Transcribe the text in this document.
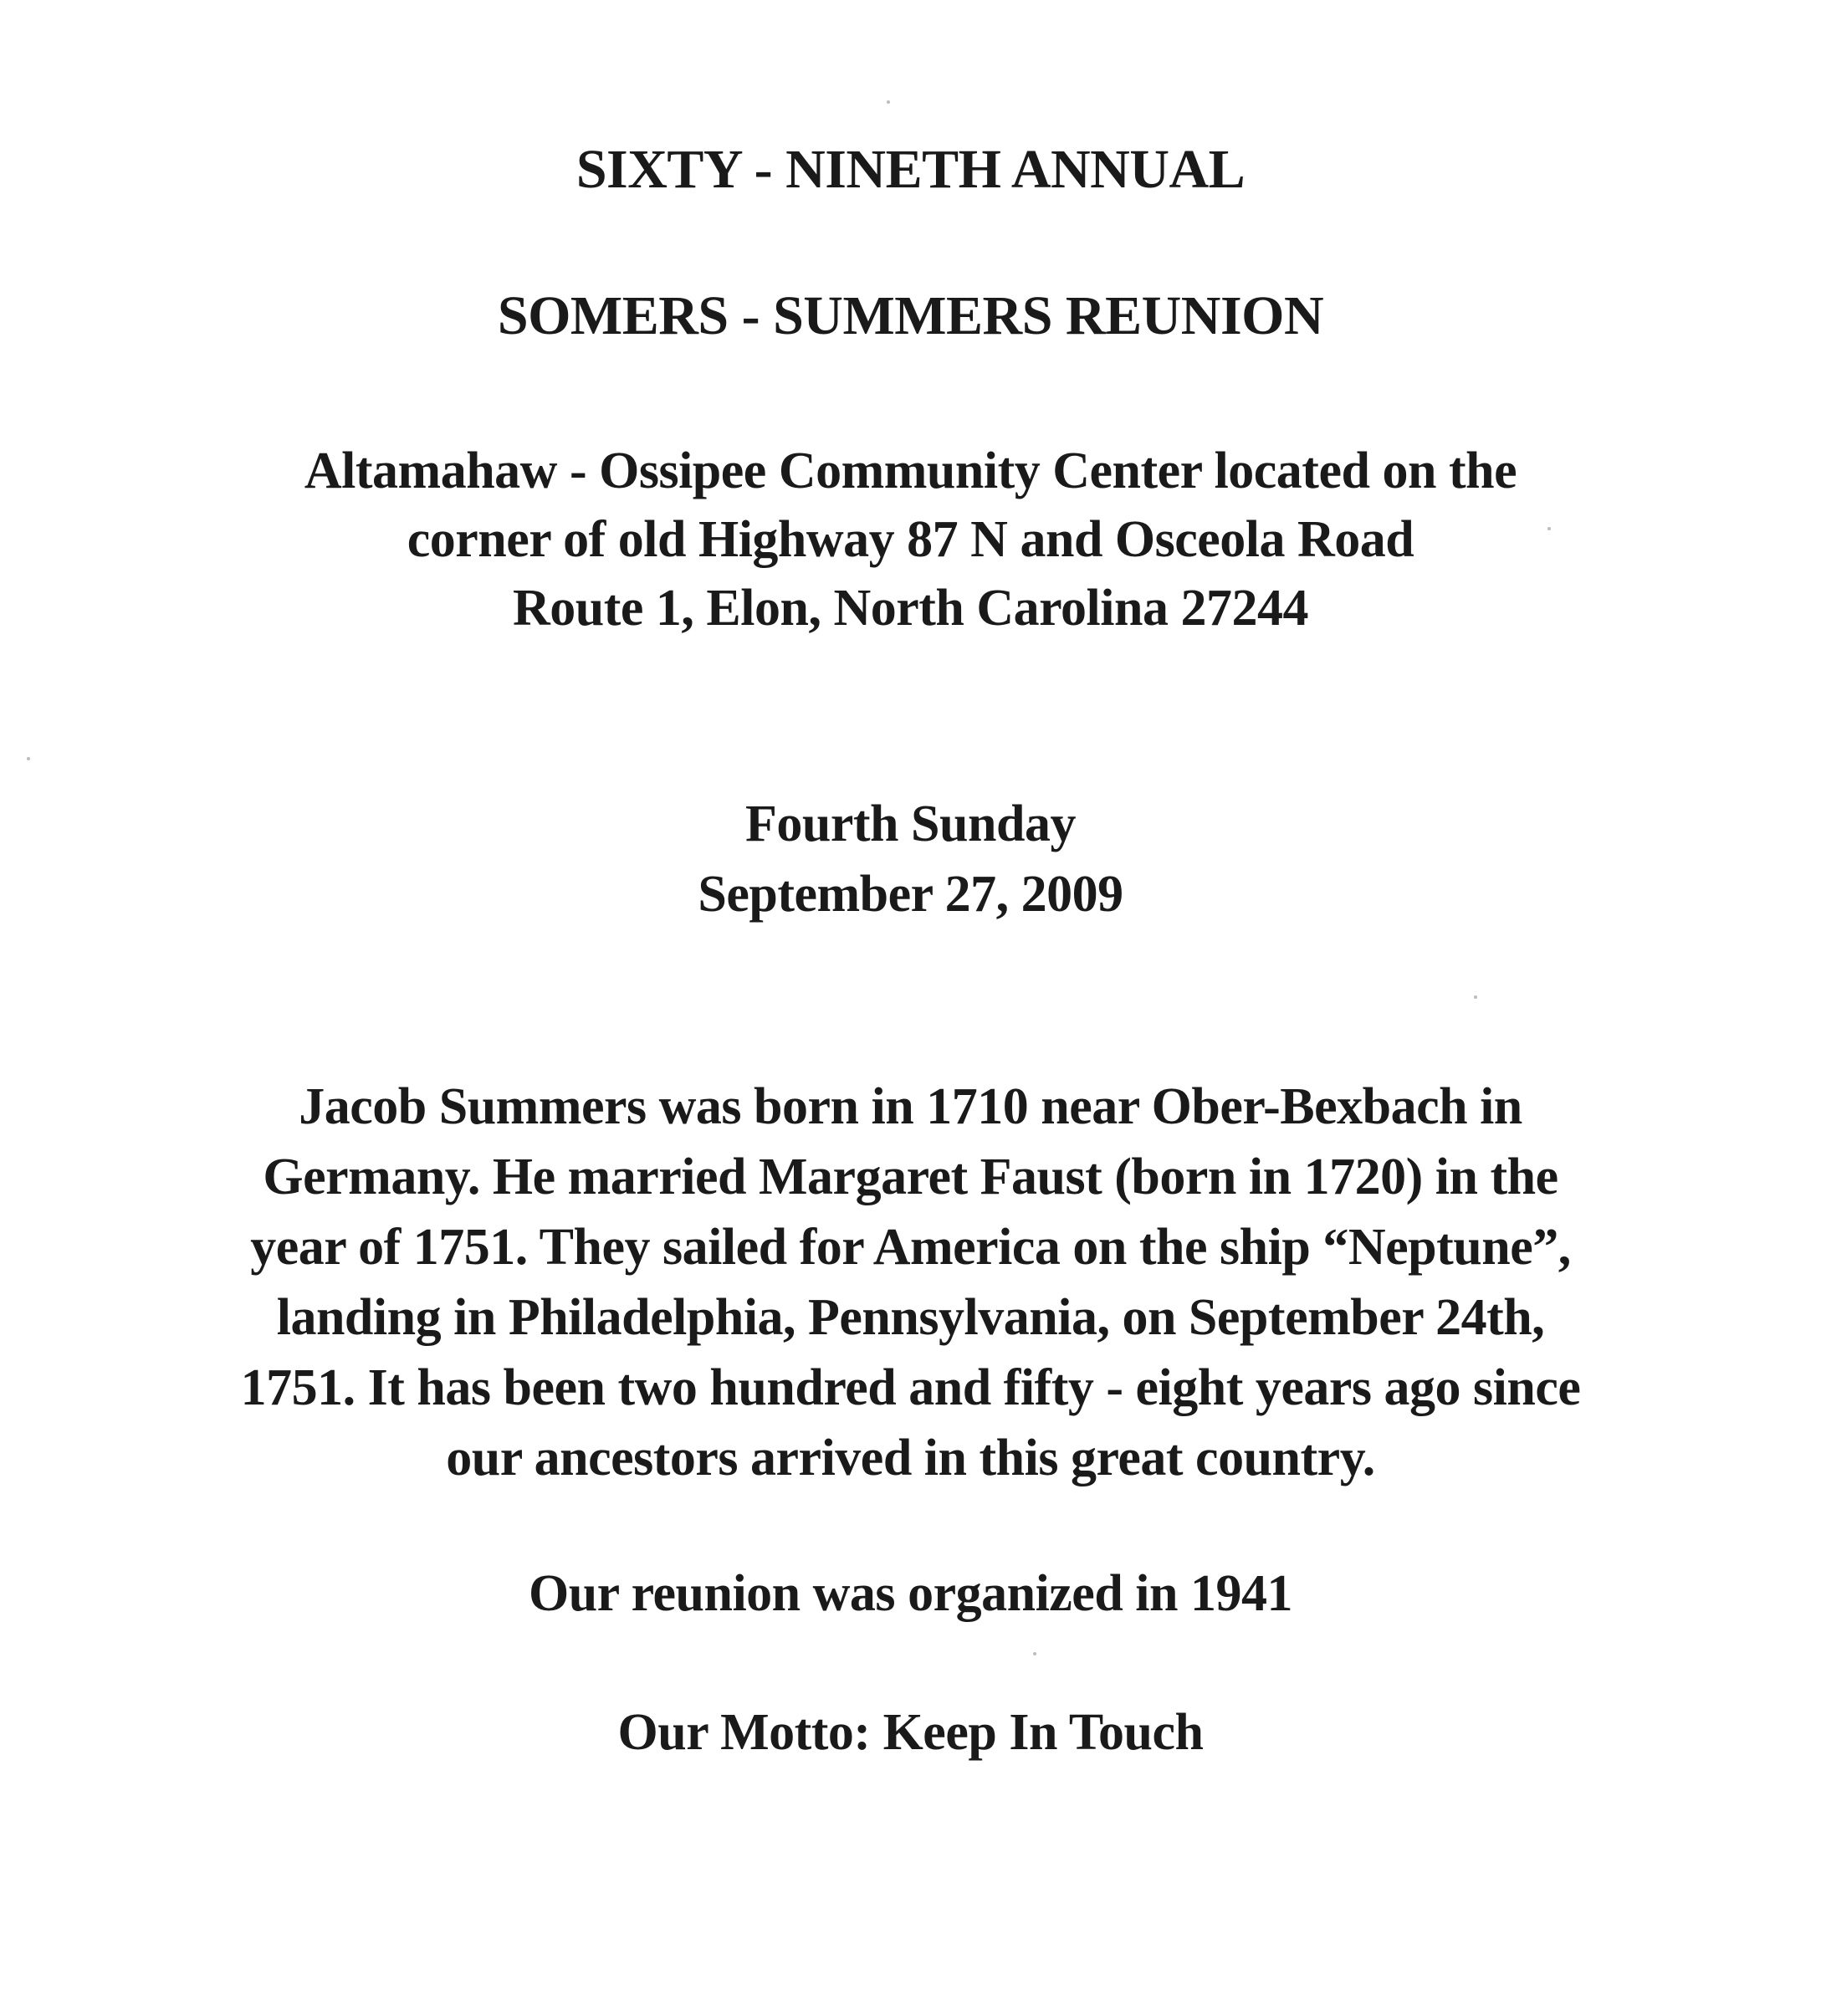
SIXTY - NINETH ANNUAL
SOMERS - SUMMERS REUNION
Altamahaw - Ossipee Community Center located on the
corner of old Highway 87 N and Osceola Road
Route 1, Elon, North Carolina 27244
Fourth Sunday
September 27, 2009
Jacob Summers was born in 1710 near Ober-Bexbach in
Germany. He married Margaret Faust (born in 1720) in the
year of 1751. They sailed for America on the ship “Neptune”,
landing in Philadelphia, Pennsylvania, on September 24th,
1751. It has been two hundred and fifty - eight years ago since
our ancestors arrived in this great country.
Our reunion was organized in 1941
Our Motto: Keep In Touch
